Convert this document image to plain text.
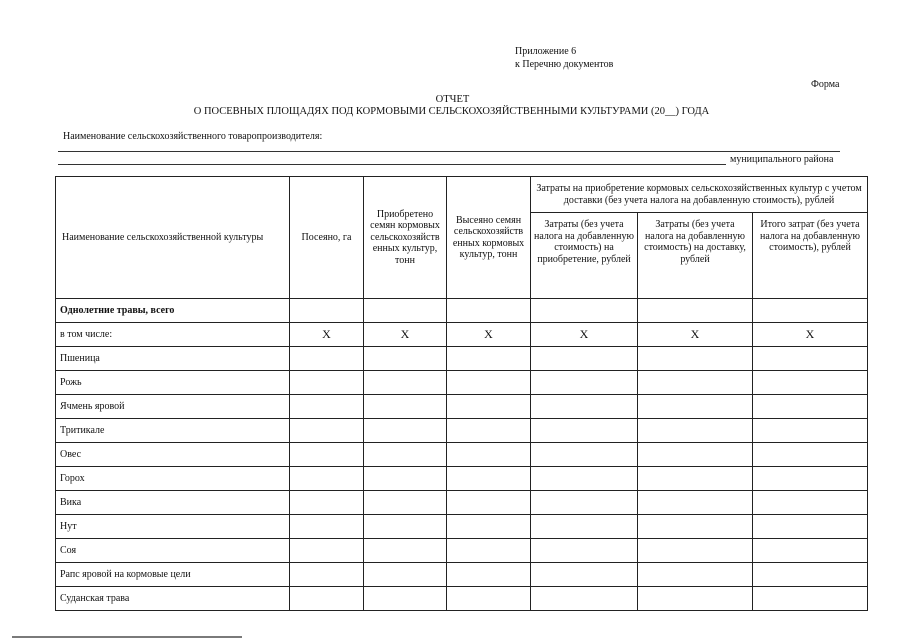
Приложение 6
к Перечню документов
Форма
ОТЧЕТ
О ПОСЕВНЫХ ПЛОЩАДЯХ ПОД КОРМОВЫМИ СЕЛЬСКОХОЗЯЙСТВЕННЫМИ КУЛЬТУРАМИ (20__) ГОДА
Наименование сельскохозяйственного товаропроизводителя:
муниципального района
Наименование сельскохозяйственной культуры	Посеяно, га	Приобретено семян кормовых сельскохозяйств енных культур, тонн	Высеяно семян сельскохозяйств енных кормовых культур, тонн	Затраты на приобретение кормовых сельскохозяйственных культур с учетом доставки (без учета налога на добавленную стоимость), рублей		
				Затраты (без учета налога на добавленную стоимость) на приобретение, рублей	Затраты (без учета налога на добавленную стоимость) на доставку, рублей	Итого затрат (без учета налога на добавленную стоимость), рублей
Однолетние травы, всего						
в том числе:	X	X	X	X	X	X
Пшеница						
Рожь						
Ячмень яровой						
Тритикале						
Овес						
Горох						
Вика						
Нут						
Соя						
Рапс яровой на кормовые цели						
Суданская трава						
